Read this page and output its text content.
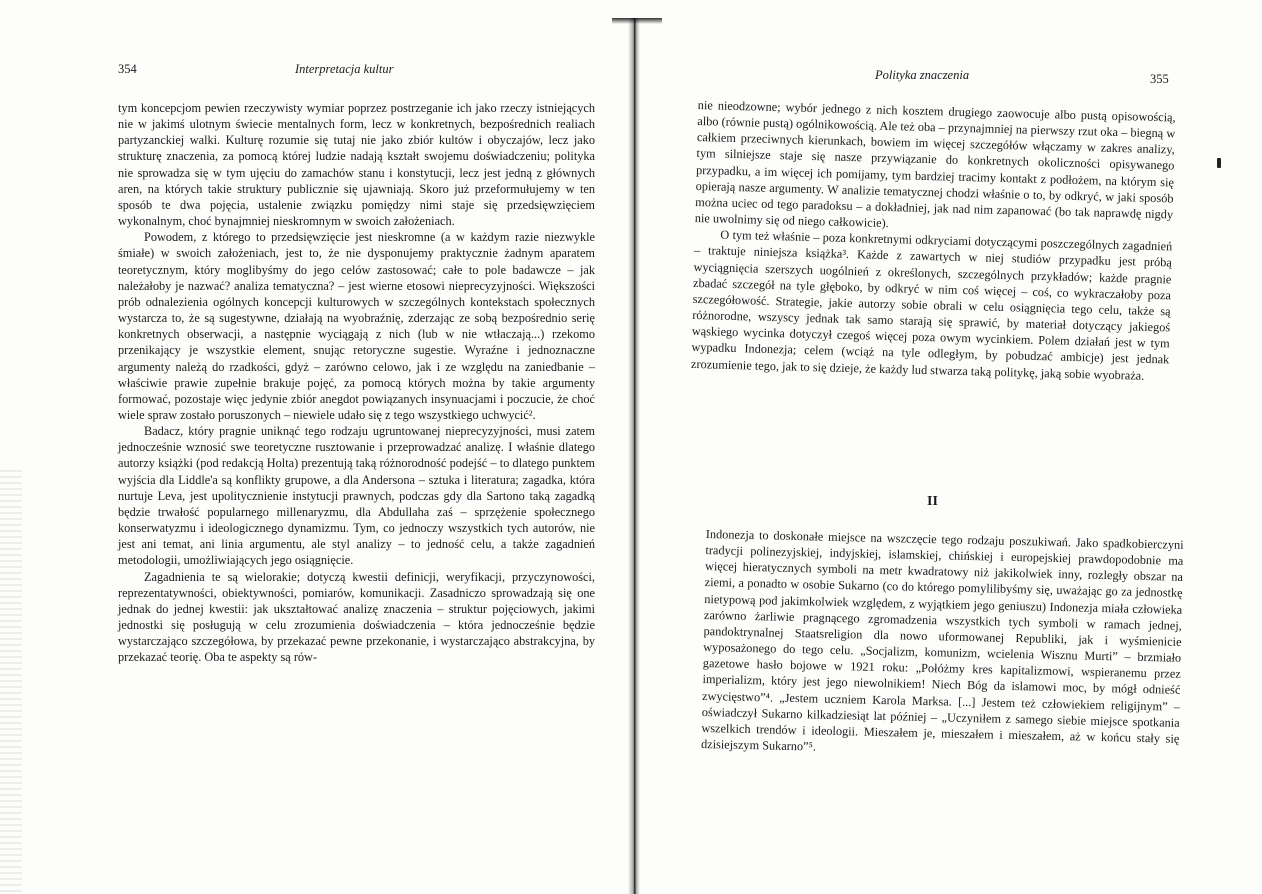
354	Interpretacja kultur

tym koncepcjom pewien rzeczywisty wymiar poprzez postrzeganie ich jako rzeczy istniejących nie w jakimś ulotnym świecie mentalnych form, lecz w konkretnych, bezpośrednich realiach partyzanckiej walki. Kulturę rozumie się tutaj nie jako zbiór kultów i obyczajów, lecz jako strukturę znaczenia, za pomocą której ludzie nadają kształt swojemu doświadczeniu; polityka nie sprowadza się w tym ujęciu do zamachów stanu i konstytucji, lecz jest jedną z głównych aren, na których takie struktury publicznie się ujawniają. Skoro już przeformułujemy w ten sposób te dwa pojęcia, ustalenie związku pomiędzy nimi staje się przedsięwzięciem wykonalnym, choć bynajmniej nieskromnym w swoich założeniach.

Powodem, z którego to przedsięwzięcie jest nieskromne (a w każdym razie niezwykle śmiałe) w swoich założeniach, jest to, że nie dysponujemy praktycznie żadnym aparatem teoretycznym, który moglibyśmy do jego celów zastosować; całe to pole badawcze – jak należałoby je nazwać? analiza tematyczna? – jest wierne etosowi nieprecyzyjności. Większości prób odnalezienia ogólnych koncepcji kulturowych w szczególnych kontekstach społecznych wystarcza to, że są sugestywne, działają na wyobraźnię, zderzając ze sobą bezpośrednio serię konkretnych obserwacji, a następnie wyciągają z nich (lub w nie wtłaczają...) rzekomo przenikający je wszystkie element, snując retoryczne sugestie. Wyraźne i jednoznaczne argumenty należą do rzadkości, gdyż – zarówno celowo, jak i ze względu na zaniedbanie – właściwie prawie zupełnie brakuje pojęć, za pomocą których można by takie argumenty formować, pozostaje więc jedynie zbiór anegdot powiązanych insynuacjami i poczucie, że choć wiele spraw zostało poruszonych – niewiele udało się z tego wszystkiego uchwycić².

Badacz, który pragnie uniknąć tego rodzaju ugruntowanej nieprecyzyjności, musi zatem jednocześnie wznosić swe teoretyczne rusztowanie i przeprowadzać analizę. I właśnie dlatego autorzy książki (pod redakcją Holta) prezentują taką różnorodność podejść – to dlatego punktem wyjścia dla Liddle'a są konflikty grupowe, a dla Andersona – sztuka i literatura; zagadka, która nurtuje Leva, jest upolitycznienie instytucji prawnych, podczas gdy dla Sartono taką zagadką będzie trwałość popularnego millenaryzmu, dla Abdullaha zaś – sprzężenie społecznego konserwatyzmu i ideologicznego dynamizmu. Tym, co jednoczy wszystkich tych autorów, nie jest ani temat, ani linia argumentu, ale styl analizy – to jedność celu, a także zagadnień metodologii, umożliwiających jego osiągnięcie.

Zagadnienia te są wielorakie; dotyczą kwestii definicji, weryfikacji, przyczynowości, reprezentatywności, obiektywności, pomiarów, komunikacji. Zasadniczo sprowadzają się one jednak do jednej kwestii: jak ukształtować analizę znaczenia – struktur pojęciowych, jakimi jednostki się posługują w celu zrozumienia doświadczenia – która jednocześnie będzie wystarczająco szczegółowa, by przekazać pewne przekonanie, i wystarczająco abstrakcyjna, by przekazać teorię. Oba te aspekty są rów-

Polityka znaczenia	355

nie nieodzowne; wybór jednego z nich kosztem drugiego zaowocuje albo pustą opisowością, albo (równie pustą) ogólnikowością. Ale też oba – przynajmniej na pierwszy rzut oka – biegną w całkiem przeciwnych kierunkach, bowiem im więcej szczegółów włączamy w zakres analizy, tym silniejsze staje się nasze przywiązanie do konkretnych okoliczności opisywanego przypadku, a im więcej ich pomijamy, tym bardziej tracimy kontakt z podłożem, na którym się opierają nasze argumenty. W analizie tematycznej chodzi właśnie o to, by odkryć, w jaki sposób można uciec od tego paradoksu – a dokładniej, jak nad nim zapanować (bo tak naprawdę nigdy nie uwolnimy się od niego całkowicie).

O tym też właśnie – poza konkretnymi odkryciami dotyczącymi poszczególnych zagadnień – traktuje niniejsza książka³. Każde z zawartych w niej studiów przypadku jest próbą wyciągnięcia szerszych uogólnień z określonych, szczególnych przykładów; każde pragnie zbadać szczegół na tyle głęboko, by odkryć w nim coś więcej – coś, co wykraczałoby poza szczegółowość. Strategie, jakie autorzy sobie obrali w celu osiągnięcia tego celu, także są różnorodne, wszyscy jednak tak samo starają się sprawić, by materiał dotyczący jakiegoś wąskiego wycinka dotyczył czegoś więcej poza owym wycinkiem. Polem działań jest w tym wypadku Indonezja; celem (wciąż na tyle odległym, by pobudzać ambicje) jest jednak zrozumienie tego, jak to się dzieje, że każdy lud stwarza taką politykę, jaką sobie wyobraża.

II

Indonezja to doskonałe miejsce na wszczęcie tego rodzaju poszukiwań. Jako spadkobierczyni tradycji polinezyjskiej, indyjskiej, islamskiej, chińskiej i europejskiej prawdopodobnie ma więcej hieratycznych symboli na metr kwadratowy niż jakikolwiek inny, rozległy obszar na ziemi, a ponadto w osobie Sukarno (co do którego pomylilibyśmy się, uważając go za jednostkę nietypową pod jakimkolwiek względem, z wyjątkiem jego geniuszu) Indonezja miała człowieka zarówno żarliwie pragnącego zgromadzenia wszystkich tych symboli w ramach jednej, pandoktrynalnej Staatsreligion dla nowo uformowanej Republiki, jak i wyśmienicie wyposażonego do tego celu. „Socjalizm, komunizm, wcielenia Wisznu Murti” – brzmiało gazetowe hasło bojowe w 1921 roku: „Połóżmy kres kapitalizmowi, wspieranemu przez imperializm, który jest jego niewolnikiem! Niech Bóg da islamowi moc, by mógł odnieść zwycięstwo”⁴. „Jestem uczniem Karola Marksa. [...] Jestem też człowiekiem religijnym” – oświadczył Sukarno kilkadziesiąt lat później – „Uczyniłem z samego siebie miejsce spotkania wszelkich trendów i ideologii. Mieszałem je, mieszałem i mieszałem, aż w końcu stały się dzisiejszym Sukarno”⁵.
